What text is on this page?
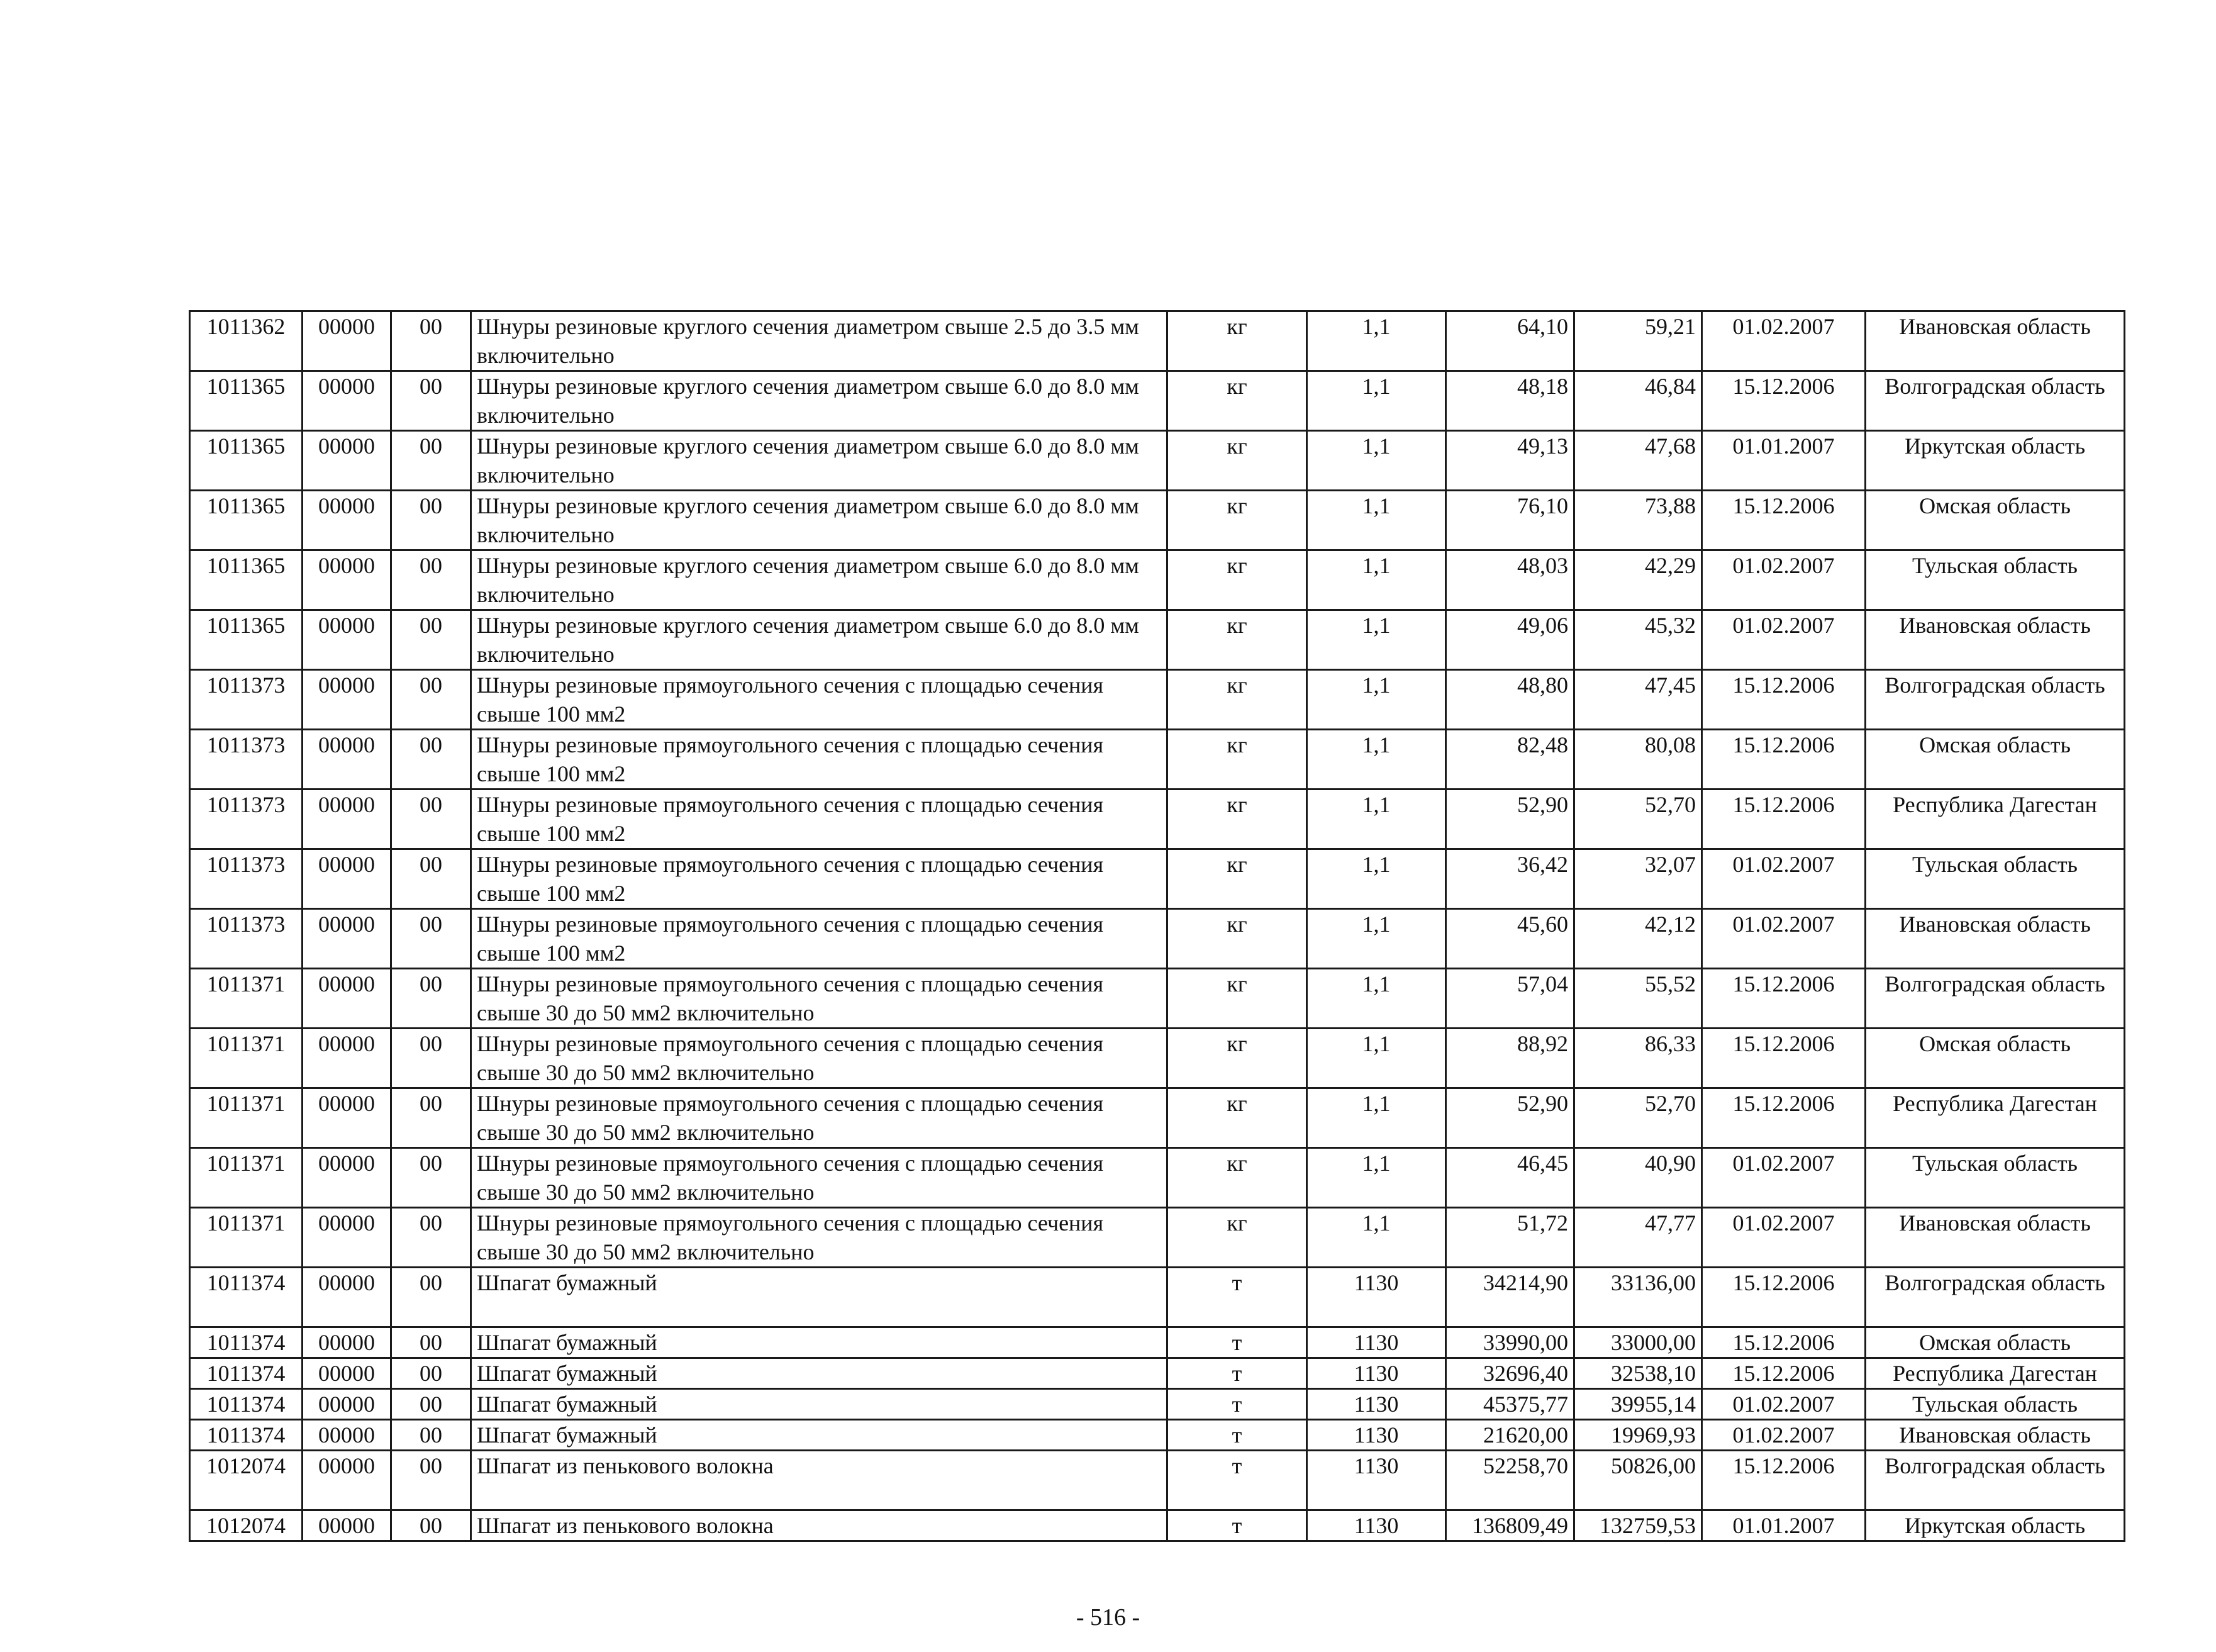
1011362	00000	00	Шнуры резиновые круглого сечения диаметром свыше 2.5 до 3.5 мм включительно	кг	1,1	64,10	59,21	01.02.2007	Ивановская область
1011365	00000	00	Шнуры резиновые круглого сечения диаметром свыше 6.0 до 8.0 мм включительно	кг	1,1	48,18	46,84	15.12.2006	Волгоградская область
1011365	00000	00	Шнуры резиновые круглого сечения диаметром свыше 6.0 до 8.0 мм включительно	кг	1,1	49,13	47,68	01.01.2007	Иркутская область
1011365	00000	00	Шнуры резиновые круглого сечения диаметром свыше 6.0 до 8.0 мм включительно	кг	1,1	76,10	73,88	15.12.2006	Омская область
1011365	00000	00	Шнуры резиновые круглого сечения диаметром свыше 6.0 до 8.0 мм включительно	кг	1,1	48,03	42,29	01.02.2007	Тульская область
1011365	00000	00	Шнуры резиновые круглого сечения диаметром свыше 6.0 до 8.0 мм включительно	кг	1,1	49,06	45,32	01.02.2007	Ивановская область
1011373	00000	00	Шнуры резиновые прямоугольного сечения с площадью сечения свыше 100 мм2	кг	1,1	48,80	47,45	15.12.2006	Волгоградская область
1011373	00000	00	Шнуры резиновые прямоугольного сечения с площадью сечения свыше 100 мм2	кг	1,1	82,48	80,08	15.12.2006	Омская область
1011373	00000	00	Шнуры резиновые прямоугольного сечения с площадью сечения свыше 100 мм2	кг	1,1	52,90	52,70	15.12.2006	Республика Дагестан
1011373	00000	00	Шнуры резиновые прямоугольного сечения с площадью сечения свыше 100 мм2	кг	1,1	36,42	32,07	01.02.2007	Тульская область
1011373	00000	00	Шнуры резиновые прямоугольного сечения с площадью сечения свыше 100 мм2	кг	1,1	45,60	42,12	01.02.2007	Ивановская область
1011371	00000	00	Шнуры резиновые прямоугольного сечения с площадью сечения свыше 30 до 50 мм2 включительно	кг	1,1	57,04	55,52	15.12.2006	Волгоградская область
1011371	00000	00	Шнуры резиновые прямоугольного сечения с площадью сечения свыше 30 до 50 мм2 включительно	кг	1,1	88,92	86,33	15.12.2006	Омская область
1011371	00000	00	Шнуры резиновые прямоугольного сечения с площадью сечения свыше 30 до 50 мм2 включительно	кг	1,1	52,90	52,70	15.12.2006	Республика Дагестан
1011371	00000	00	Шнуры резиновые прямоугольного сечения с площадью сечения свыше 30 до 50 мм2 включительно	кг	1,1	46,45	40,90	01.02.2007	Тульская область
1011371	00000	00	Шнуры резиновые прямоугольного сечения с площадью сечения свыше 30 до 50 мм2 включительно	кг	1,1	51,72	47,77	01.02.2007	Ивановская область
1011374	00000	00	Шпагат бумажный	т	1130	34214,90	33136,00	15.12.2006	Волгоградская область
1011374	00000	00	Шпагат бумажный	т	1130	33990,00	33000,00	15.12.2006	Омская область
1011374	00000	00	Шпагат бумажный	т	1130	32696,40	32538,10	15.12.2006	Республика Дагестан
1011374	00000	00	Шпагат бумажный	т	1130	45375,77	39955,14	01.02.2007	Тульская область
1011374	00000	00	Шпагат бумажный	т	1130	21620,00	19969,93	01.02.2007	Ивановская область
1012074	00000	00	Шпагат из пенькового волокна	т	1130	52258,70	50826,00	15.12.2006	Волгоградская область
1012074	00000	00	Шпагат из пенькового волокна	т	1130	136809,49	132759,53	01.01.2007	Иркутская область
- 516 -
